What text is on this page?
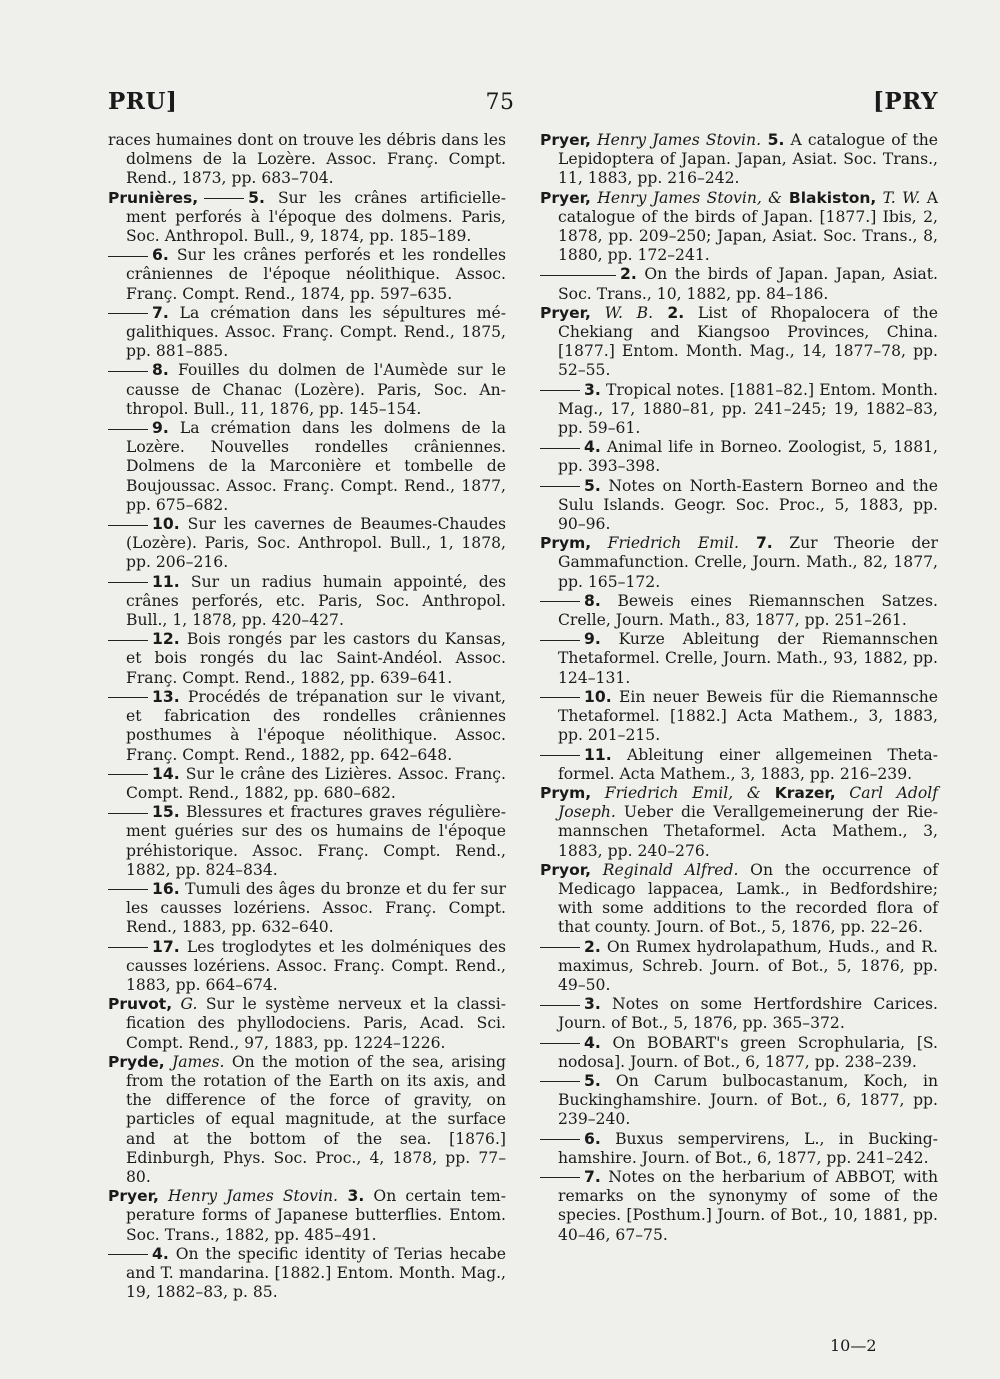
PRU]	75	[PRY
races humaines dont on trouve les débris dans les dolmens de la Lozère. Assoc. Franç. Compt. Rend., 1873, pp. 683–704.
Prunières,	5. Sur les crânes artificielle-ment perforés à l'époque des dolmens. Paris, Soc. Anthropol. Bull., 9, 1874, pp. 185–189.
6. Sur les crânes perforés et les rondelles crâniennes de l'époque néolithique. Assoc. Franç. Compt. Rend., 1874, pp. 597–635.
7. La crémation dans les sépultures mé-galithiques. Assoc. Franç. Compt. Rend., 1875, pp. 881–885.
8. Fouilles du dolmen de l'Aumède sur le causse de Chanac (Lozère). Paris, Soc. An-thropol. Bull., 11, 1876, pp. 145–154.
9. La crémation dans les dolmens de la Lozère. Nouvelles rondelles crâniennes. Dolmens de la Marconière et tombelle de Boujoussac. Assoc. Franç. Compt. Rend., 1877, pp. 675–682.
10. Sur les cavernes de Beaumes-Chaudes (Lozère). Paris, Soc. Anthropol. Bull., 1, 1878, pp. 206–216.
11. Sur un radius humain appointé, des crânes perforés, etc. Paris, Soc. Anthropol. Bull., 1, 1878, pp. 420–427.
12. Bois rongés par les castors du Kansas, et bois rongés du lac Saint-Andéol. Assoc. Franç. Compt. Rend., 1882, pp. 639–641.
13. Procédés de trépanation sur le vivant, et fabrication des rondelles crâniennes posthumes à l'époque néolithique. Assoc. Franç. Compt. Rend., 1882, pp. 642–648.
14. Sur le crâne des Lizières. Assoc. Franç. Compt. Rend., 1882, pp. 680–682.
15. Blessures et fractures graves régulière-ment guéries sur des os humains de l'époque préhistorique. Assoc. Franç. Compt. Rend., 1882, pp. 824–834.
16. Tumuli des âges du bronze et du fer sur les causses lozériens. Assoc. Franç. Compt. Rend., 1883, pp. 632–640.
17. Les troglodytes et les dolméniques des causses lozériens. Assoc. Franç. Compt. Rend., 1883, pp. 664–674.
Pruvot, G. Sur le système nerveux et la classi-fication des phyllodociens. Paris, Acad. Sci. Compt. Rend., 97, 1883, pp. 1224–1226.
Pryde, James. On the motion of the sea, arising from the rotation of the Earth on its axis, and the difference of the force of gravity, on particles of equal magnitude, at the surface and at the bottom of the sea. [1876.] Edinburgh, Phys. Soc. Proc., 4, 1878, pp. 77–80.
Pryer, Henry James Stovin. 3. On certain tem-perature forms of Japanese butterflies. Entom. Soc. Trans., 1882, pp. 485–491.
4. On the specific identity of Terias hecabe and T. mandarina. [1882.] Entom. Month. Mag., 19, 1882–83, p. 85.
Pryer, Henry James Stovin. 5. A catalogue of the Lepidoptera of Japan. Japan, Asiat. Soc. Trans., 11, 1883, pp. 216–242.
Pryer, Henry James Stovin, & Blakiston, T. W. A catalogue of the birds of Japan. [1877.] Ibis, 2, 1878, pp. 209–250; Japan, Asiat. Soc. Trans., 8, 1880, pp. 172–241.
2. On the birds of Japan. Japan, Asiat. Soc. Trans., 10, 1882, pp. 84–186.
Pryer, W. B. 2. List of Rhopalocera of the Chekiang and Kiangsoo Provinces, China. [1877.] Entom. Month. Mag., 14, 1877–78, pp. 52–55.
3. Tropical notes. [1881–82.] Entom. Month. Mag., 17, 1880–81, pp. 241–245; 19, 1882–83, pp. 59–61.
4. Animal life in Borneo. Zoologist, 5, 1881, pp. 393–398.
5. Notes on North-Eastern Borneo and the Sulu Islands. Geogr. Soc. Proc., 5, 1883, pp. 90–96.
Prym, Friedrich Emil. 7. Zur Theorie der Gammafunction. Crelle, Journ. Math., 82, 1877, pp. 165–172.
8. Beweis eines Riemannschen Satzes. Crelle, Journ. Math., 83, 1877, pp. 251–261.
9. Kurze Ableitung der Riemannschen Thetaformel. Crelle, Journ. Math., 93, 1882, pp. 124–131.
10. Ein neuer Beweis für die Riemannsche Thetaformel. [1882.] Acta Mathem., 3, 1883, pp. 201–215.
11. Ableitung einer allgemeinen Theta-formel. Acta Mathem., 3, 1883, pp. 216–239.
Prym, Friedrich Emil, & Krazer, Carl Adolf Joseph. Ueber die Verallgemeinerung der Rie-mannschen Thetaformel. Acta Mathem., 3, 1883, pp. 240–276.
Pryor, Reginald Alfred. On the occurrence of Medicago lappacea, Lamk., in Bedfordshire; with some additions to the recorded flora of that county. Journ. of Bot., 5, 1876, pp. 22–26.
2. On Rumex hydrolapathum, Huds., and R. maximus, Schreb. Journ. of Bot., 5, 1876, pp. 49–50.
3. Notes on some Hertfordshire Carices. Journ. of Bot., 5, 1876, pp. 365–372.
4. On BOBART's green Scrophularia, [S. nodosa]. Journ. of Bot., 6, 1877, pp. 238–239.
5. On Carum bulbocastanum, Koch, in Buckinghamshire. Journ. of Bot., 6, 1877, pp. 239–240.
6. Buxus sempervirens, L., in Bucking-hamshire. Journ. of Bot., 6, 1877, pp. 241–242.
7. Notes on the herbarium of ABBOT, with remarks on the synonymy of some of the species. [Posthum.] Journ. of Bot., 10, 1881, pp. 40–46, 67–75.
10—2
